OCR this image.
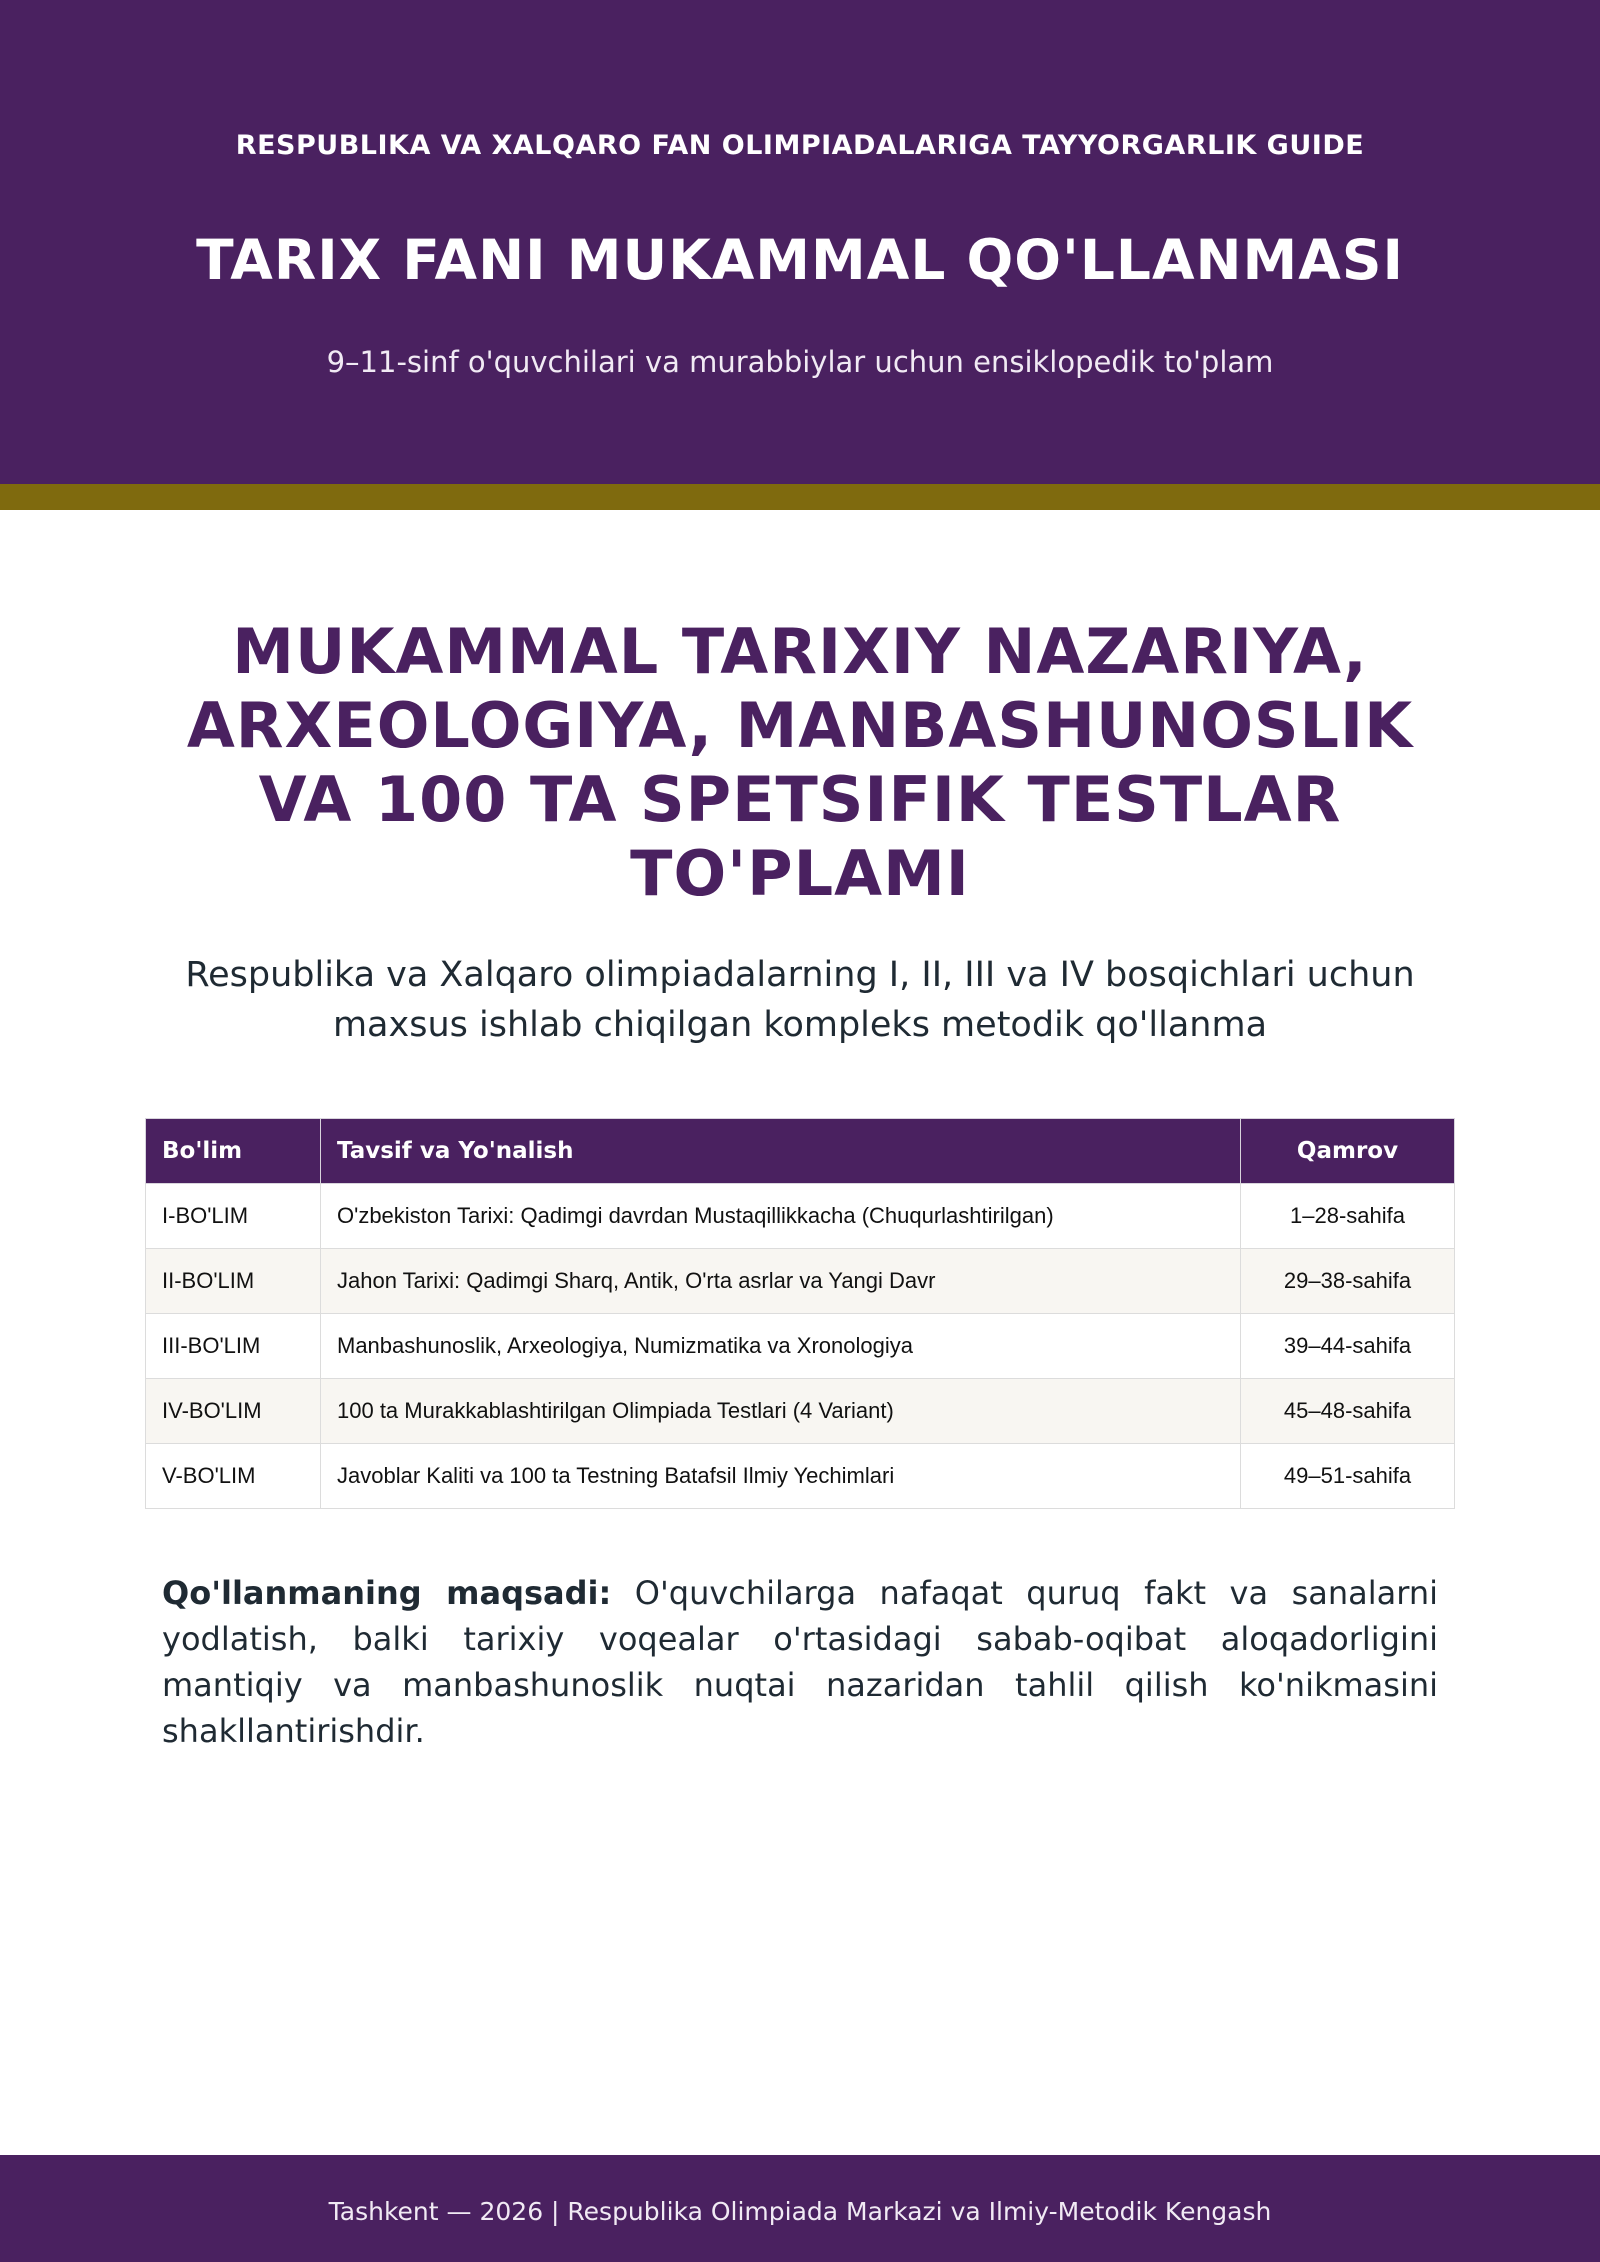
RESPUBLIKA VA XALQARO FAN OLIMPIADALARIGA TAYYORGARLIK GUIDE
TARIX FANI MUKAMMAL QO'LLANMASI
9–11-sinf o'quvchilari va murabbiylar uchun ensiklopedik to'plam
MUKAMMAL TARIXIY NAZARIYA,
ARXEOLOGIYA, MANBASHUNOSLIK
VA 100 TA SPETSIFIK TESTLAR
TO'PLAMI
Respublika va Xalqaro olimpiadalarning I, II, III va IV bosqichlari uchun
maxsus ishlab chiqilgan kompleks metodik qo'llanma
Bo'lim	Tavsif va Yo'nalish	Qamrov
I-BO'LIM	O'zbekiston Tarixi: Qadimgi davrdan Mustaqillikkacha (Chuqurlashtirilgan)	1–28-sahifa
II-BO'LIM	Jahon Tarixi: Qadimgi Sharq, Antik, O'rta asrlar va Yangi Davr	29–38-sahifa
III-BO'LIM	Manbashunoslik, Arxeologiya, Numizmatika va Xronologiya	39–44-sahifa
IV-BO'LIM	100 ta Murakkablashtirilgan Olimpiada Testlari (4 Variant)	45–48-sahifa
V-BO'LIM	Javoblar Kaliti va 100 ta Testning Batafsil Ilmiy Yechimlari	49–51-sahifa
Qo'llanmaning maqsadi: O'quvchilarga nafaqat quruq fakt va sanalarni yodlatish, balki tarixiy voqealar o'rtasidagi sabab-oqibat aloqadorligini mantiqiy va manbashunoslik nuqtai nazaridan tahlil qilish ko'nikmasini shakllantirishdir.
Tashkent — 2026 | Respublika Olimpiada Markazi va Ilmiy-Metodik Kengash
